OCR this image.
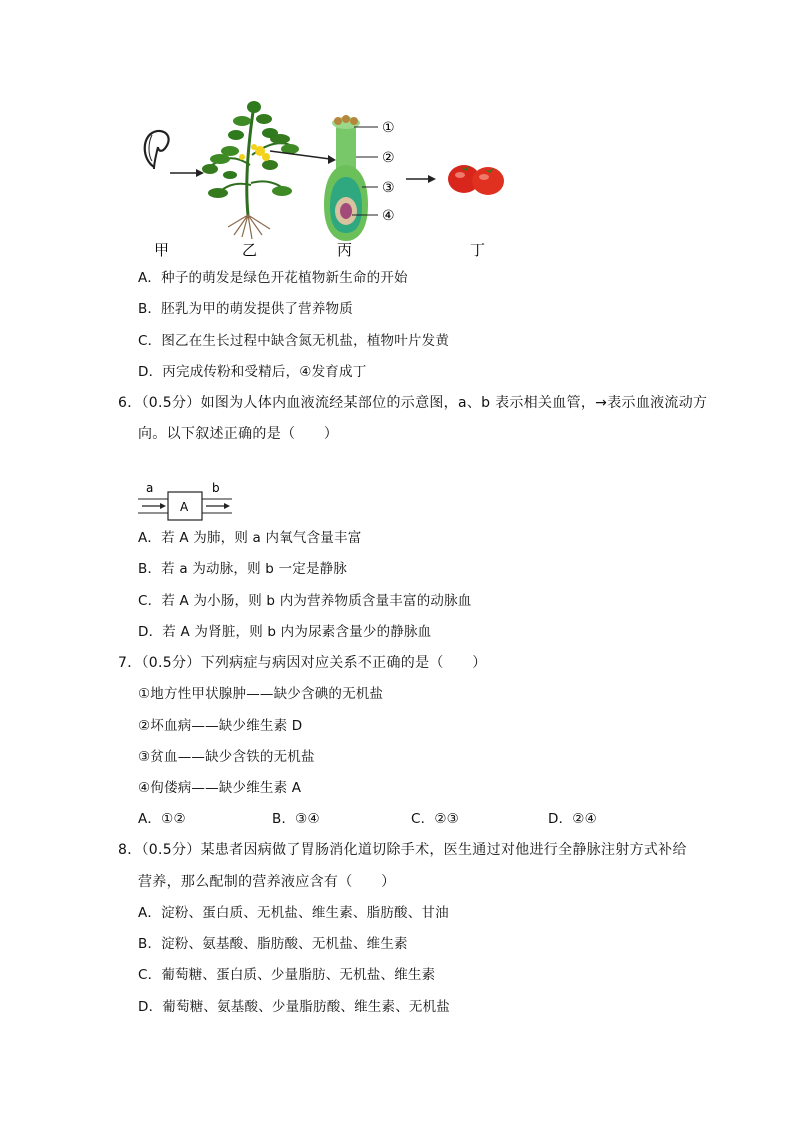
①
②
③
④
甲	乙	丙	丁
A．种子的萌发是绿色开花植物新生命的开始
B．胚乳为甲的萌发提供了营养物质
C．图乙在生长过程中缺含氮无机盐，植物叶片发黄
D．丙完成传粉和受精后，④发育成丁
6．（0.5分）如图为人体内血液流经某部位的示意图，a、b 表示相关血管，→表示血液流动方
向。以下叙述正确的是（　　）
a	b
A
A．若 A 为肺，则 a 内氧气含量丰富
B．若 a 为动脉，则 b 一定是静脉
C．若 A 为小肠，则 b 内为营养物质含量丰富的动脉血
D．若 A 为肾脏，则 b 内为尿素含量少的静脉血
7．（0.5分）下列病症与病因对应关系不正确的是（　　）
①地方性甲状腺肿——缺少含碘的无机盐
②坏血病——缺少维生素 D
③贫血——缺少含铁的无机盐
④佝偻病——缺少维生素 A
A．①②	B．③④	C．②③	D．②④
8．（0.5分）某患者因病做了胃肠消化道切除手术，医生通过对他进行全静脉注射方式补给
营养，那么配制的营养液应含有（　　）
A．淀粉、蛋白质、无机盐、维生素、脂肪酸、甘油
B．淀粉、氨基酸、脂肪酸、无机盐、维生素
C．葡萄糖、蛋白质、少量脂肪、无机盐、维生素
D．葡萄糖、氨基酸、少量脂肪酸、维生素、无机盐
